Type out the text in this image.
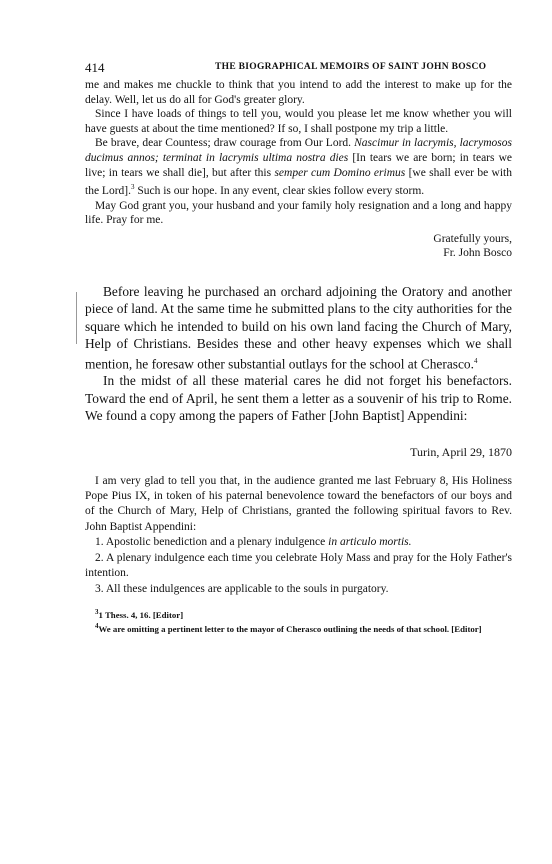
414	THE BIOGRAPHICAL MEMOIRS OF SAINT JOHN BOSCO

me and makes me chuckle to think that you intend to add the interest to make up for the delay. Well, let us do all for God's greater glory.

Since I have loads of things to tell you, would you please let me know whether you will have guests at about the time mentioned? If so, I shall postpone my trip a little.

Be brave, dear Countess; draw courage from Our Lord. Nascimur in lacrymis, lacrymosos ducimus annos; terminat in lacrymis ultima nostra dies [In tears we are born; in tears we live; in tears we shall die], but after this semper cum Domino erimus [we shall ever be with the Lord].$^3$ Such is our hope. In any event, clear skies follow every storm.

May God grant you, your husband and your family holy resignation and a long and happy life. Pray for me.

Gratefully yours,
Fr. John Bosco

Before leaving he purchased an orchard adjoining the Oratory and another piece of land. At the same time he submitted plans to the city authorities for the square which he intended to build on his own land facing the Church of Mary, Help of Christians. Besides these and other heavy expenses which we shall mention, he foresaw other substantial outlays for the school at Cherasco.$^4$

In the midst of all these material cares he did not forget his benefactors. Toward the end of April, he sent them a letter as a souvenir of his trip to Rome. We found a copy among the papers of Father [John Baptist] Appendini:

Turin, April 29, 1870

I am very glad to tell you that, in the audience granted me last February 8, His Holiness Pope Pius IX, in token of his paternal benevolence toward the benefactors of our boys and of the Church of Mary, Help of Christians, granted the following spiritual favors to Rev. John Baptist Appendini:

1. Apostolic benediction and a plenary indulgence in articulo mortis.

2. A plenary indulgence each time you celebrate Holy Mass and pray for the Holy Father's intention.

3. All these indulgences are applicable to the souls in purgatory.

$^3$1 Thess. 4, 16. [Editor]

$^4$We are omitting a pertinent letter to the mayor of Cherasco outlining the needs of that school. [Editor]
